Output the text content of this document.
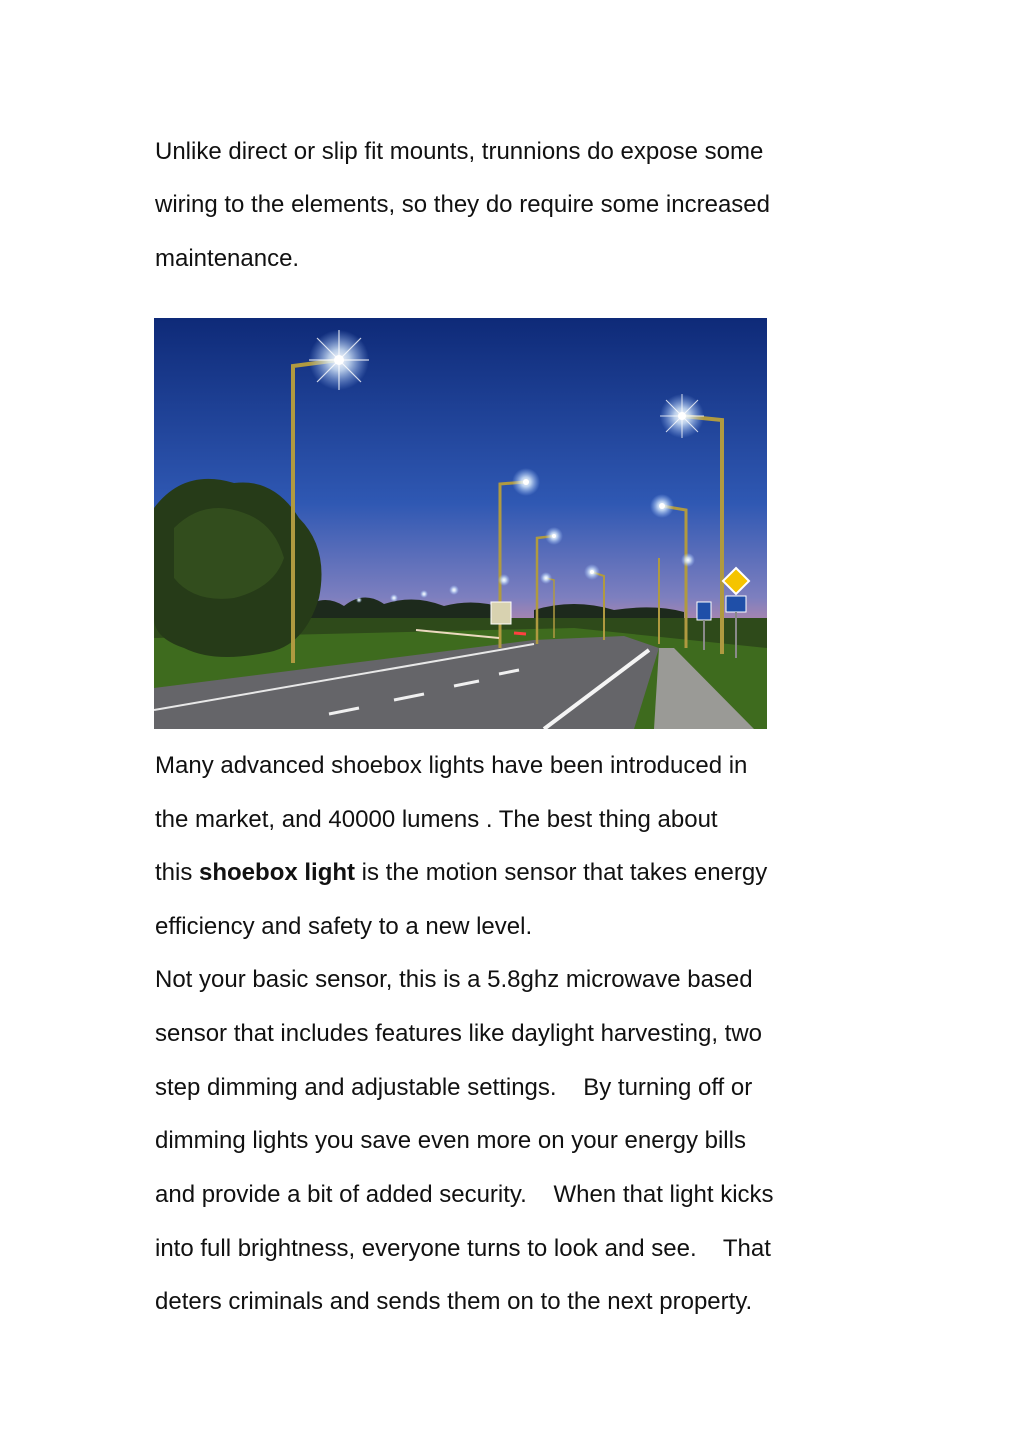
Unlike direct or slip fit mounts, trunnions do expose some

wiring to the elements, so they do require some increased

maintenance.

Many advanced shoebox lights have been introduced in

the market, and 40000 lumens . The best thing about

this shoebox light is the motion sensor that takes energy

efficiency and safety to a new level.

Not your basic sensor, this is a 5.8ghz microwave based

sensor that includes features like daylight harvesting, two

step dimming and adjustable settings.    By turning off or

dimming lights you save even more on your energy bills

and provide a bit of added security.    When that light kicks

into full brightness, everyone turns to look and see.    That

deters criminals and sends them on to the next property.
